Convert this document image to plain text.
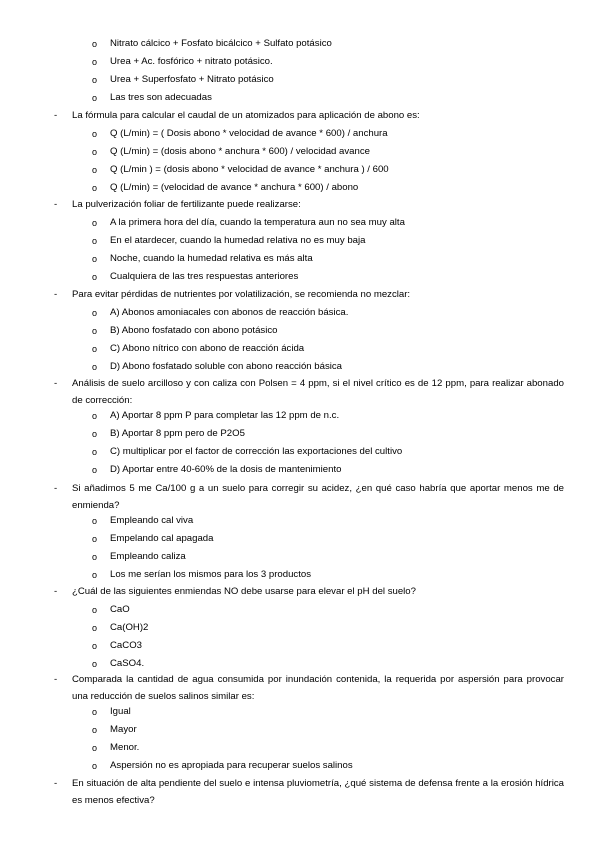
o Nitrato cálcico + Fosfato bicálcico + Sulfato potásico
o Urea + Ac. fosfórico + nitrato potásico.
o Urea + Superfosfato + Nitrato potásico
o Las tres son adecuadas
- La fórmula para calcular el caudal de un atomizados para aplicación de abono es:
o Q (L/min) = ( Dosis abono * velocidad de avance * 600) / anchura
o Q (L/min) = (dosis abono * anchura * 600) / velocidad avance
o Q (L/min ) = (dosis abono * velocidad de avance * anchura ) / 600
o Q (L/min) = (velocidad de avance * anchura * 600) / abono
- La pulverización foliar de fertilizante puede realizarse:
o A la primera hora del día, cuando la temperatura aun no sea muy alta
o En el atardecer, cuando la humedad relativa no es muy baja
o Noche, cuando la humedad relativa es más alta
o Cualquiera de las tres respuestas anteriores
- Para evitar pérdidas de nutrientes por volatilización, se recomienda no mezclar:
o A) Abonos amoniacales con abonos de reacción básica.
o B) Abono fosfatado con abono potásico
o C) Abono nítrico con abono de reacción ácida
o D) Abono fosfatado soluble con abono reacción básica
- Análisis de suelo arcilloso y con caliza con Polsen = 4 ppm, si el nivel crítico es de 12 ppm, para realizar abonado de corrección:
o A) Aportar 8 ppm P para completar las 12 ppm de n.c.
o B) Aportar 8 ppm pero de P2O5
o C) multiplicar por el factor de corrección las exportaciones del cultivo
o D) Aportar entre 40-60% de la dosis de mantenimiento
- Si añadimos 5 me Ca/100 g a un suelo para corregir su acidez, ¿en qué caso habría que aportar menos me de enmienda?
o Empleando cal viva
o Empelando cal apagada
o Empleando caliza
o Los me serían los mismos para los 3 productos
- ¿Cuál de las siguientes enmiendas NO debe usarse para elevar el pH del suelo?
o CaO
o Ca(OH)2
o CaCO3
o CaSO4.
- Comparada la cantidad de agua consumida por inundación contenida, la requerida por aspersión para provocar una reducción de suelos salinos similar es:
o Igual
o Mayor
o Menor.
o Aspersión no es apropiada para recuperar suelos salinos
- En situación de alta pendiente del suelo e intensa pluviometría, ¿qué sistema de defensa frente a la erosión hídrica es menos efectiva?
